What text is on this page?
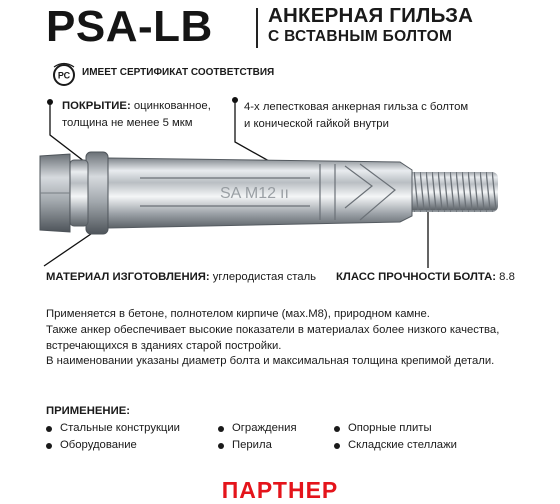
PSA-LB	АНКЕРНАЯ ГИЛЬЗА
С ВСТАВНЫМ БОЛТОМ
РС ИМЕЕТ СЕРТИФИКАТ СООТВЕТСТВИЯ
ПОКРЫТИЕ: оцинкованное,
толщина не менее 5 мкм
4-х лепестковая анкерная гильза с болтом
и конической гайкой внутри
SA M12 ıı
МАТЕРИАЛ ИЗГОТОВЛЕНИЯ: углеродистая сталь КЛАСС ПРОЧНОСТИ БОЛТА: 8.8

Применяется в бетоне, полнотелом кирпиче (мах.М8), природном камне.

Также анкер обеспечивает высокие показатели в материалах более низкого качества,

встречающихся в зданиях старой постройки.

В наименовании указаны диаметр болта и максимальная толщина крепимой детали.

ПРИМЕНЕНИЕ:
Стальные конструкции
Оборудование
Ограждения
Перила
Опорные плиты
Складские стеллажи
ПАРТНЕР
